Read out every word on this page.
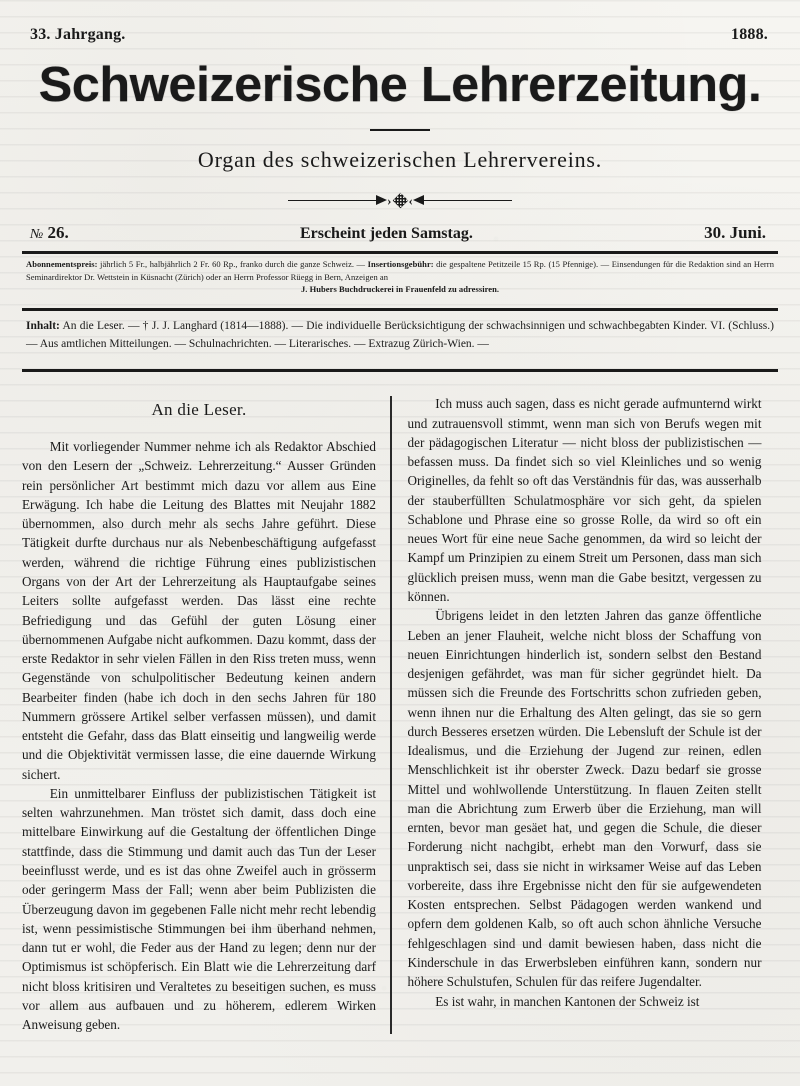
33. Jahrgang.	1888.
Schweizerische Lehrerzeitung.
Organ des schweizerischen Lehrervereins.
› ‹
№ 26.	Erscheint jeden Samstag.	30. Juni.
Abonnementspreis: jährlich 5 Fr., halbjährlich 2 Fr. 60 Rp., franko durch die ganze Schweiz. — Insertionsgebühr: die gespaltene Petitzeile 15 Rp. (15 Pfennige). — Einsendungen für die Redaktion sind an Herrn Seminardirektor Dr. Wettstein in Küsnacht (Zürich) oder an Herrn Professor Rüegg in Bern, Anzeigen an
J. Hubers Buchdruckerei in Frauenfeld zu adressiren.
Inhalt: An die Leser. — † J. J. Langhard (1814—1888). — Die individuelle Berücksichtigung der schwachsinnigen und schwachbegabten Kinder. VI. (Schluss.) — Aus amtlichen Mitteilungen. — Schulnachrichten. — Literarisches. — Extrazug Zürich-Wien. —
An die Leser.

Mit vorliegender Nummer nehme ich als Redaktor Abschied von den Lesern der „Schweiz. Lehrerzeitung.“ Ausser Gründen rein persönlicher Art bestimmt mich dazu vor allem aus Eine Erwägung. Ich habe die Leitung des Blattes mit Neujahr 1882 übernommen, also durch mehr als sechs Jahre geführt. Diese Tätigkeit durfte durchaus nur als Nebenbeschäftigung aufgefasst werden, während die richtige Führung eines publizistischen Organs von der Art der Lehrerzeitung als Hauptaufgabe seines Leiters sollte aufgefasst werden. Das lässt eine rechte Befriedigung und das Gefühl der guten Lösung einer übernommenen Aufgabe nicht aufkommen. Dazu kommt, dass der erste Redaktor in sehr vielen Fällen in den Riss treten muss, wenn Gegenstände von schulpolitischer Bedeutung keinen andern Bearbeiter finden (habe ich doch in den sechs Jahren für 180 Nummern grössere Artikel selber verfassen müssen), und damit entsteht die Gefahr, dass das Blatt einseitig und langweilig werde und die Objektivität vermissen lasse, die eine dauernde Wirkung sichert.

Ein unmittelbarer Einfluss der publizistischen Tätigkeit ist selten wahrzunehmen. Man tröstet sich damit, dass doch eine mittelbare Einwirkung auf die Gestaltung der öffentlichen Dinge stattfinde, dass die Stimmung und damit auch das Tun der Leser beeinflusst werde, und es ist das ohne Zweifel auch in grösserm oder geringerm Mass der Fall; wenn aber beim Publizisten die Überzeugung davon im gegebenen Falle nicht mehr recht lebendig ist, wenn pessimistische Stimmungen bei ihm überhand nehmen, dann tut er wohl, die Feder aus der Hand zu legen; denn nur der Optimismus ist schöpferisch. Ein Blatt wie die Lehrerzeitung darf nicht bloss kritisiren und Veraltetes zu beseitigen suchen, es muss vor allem aus aufbauen und zu höherem, edlerem Wirken Anweisung geben.

Ich muss auch sagen, dass es nicht gerade aufmunternd wirkt und zutrauensvoll stimmt, wenn man sich von Berufs wegen mit der pädagogischen Literatur — nicht bloss der publizistischen — befassen muss. Da findet sich so viel Kleinliches und so wenig Originelles, da fehlt so oft das Verständnis für das, was ausserhalb der stauberfüllten Schulatmosphäre vor sich geht, da spielen Schablone und Phrase eine so grosse Rolle, da wird so oft ein neues Wort für eine neue Sache genommen, da wird so leicht der Kampf um Prinzipien zu einem Streit um Personen, dass man sich glücklich preisen muss, wenn man die Gabe besitzt, vergessen zu können.

Übrigens leidet in den letzten Jahren das ganze öffentliche Leben an jener Flauheit, welche nicht bloss der Schaffung von neuen Einrichtungen hinderlich ist, sondern selbst den Bestand desjenigen gefährdet, was man für sicher gegründet hielt. Da müssen sich die Freunde des Fortschritts schon zufrieden geben, wenn ihnen nur die Erhaltung des Alten gelingt, das sie so gern durch Besseres ersetzen würden. Die Lebensluft der Schule ist der Idealismus, und die Erziehung der Jugend zur reinen, edlen Menschlichkeit ist ihr oberster Zweck. Dazu bedarf sie grosse Mittel und wohlwollende Unterstützung. In flauen Zeiten stellt man die Abrichtung zum Erwerb über die Erziehung, man will ernten, bevor man gesäet hat, und gegen die Schule, die dieser Forderung nicht nachgibt, erhebt man den Vorwurf, dass sie unpraktisch sei, dass sie nicht in wirksamer Weise auf das Leben vorbereite, dass ihre Ergebnisse nicht den für sie aufgewendeten Kosten entsprechen. Selbst Pädagogen werden wankend und opfern dem goldenen Kalb, so oft auch schon ähnliche Versuche fehlgeschlagen sind und damit bewiesen haben, dass nicht die Kinderschule in das Erwerbsleben einführen kann, sondern nur höhere Schulstufen, Schulen für das reifere Jugendalter.

Es ist wahr, in manchen Kantonen der Schweiz ist
